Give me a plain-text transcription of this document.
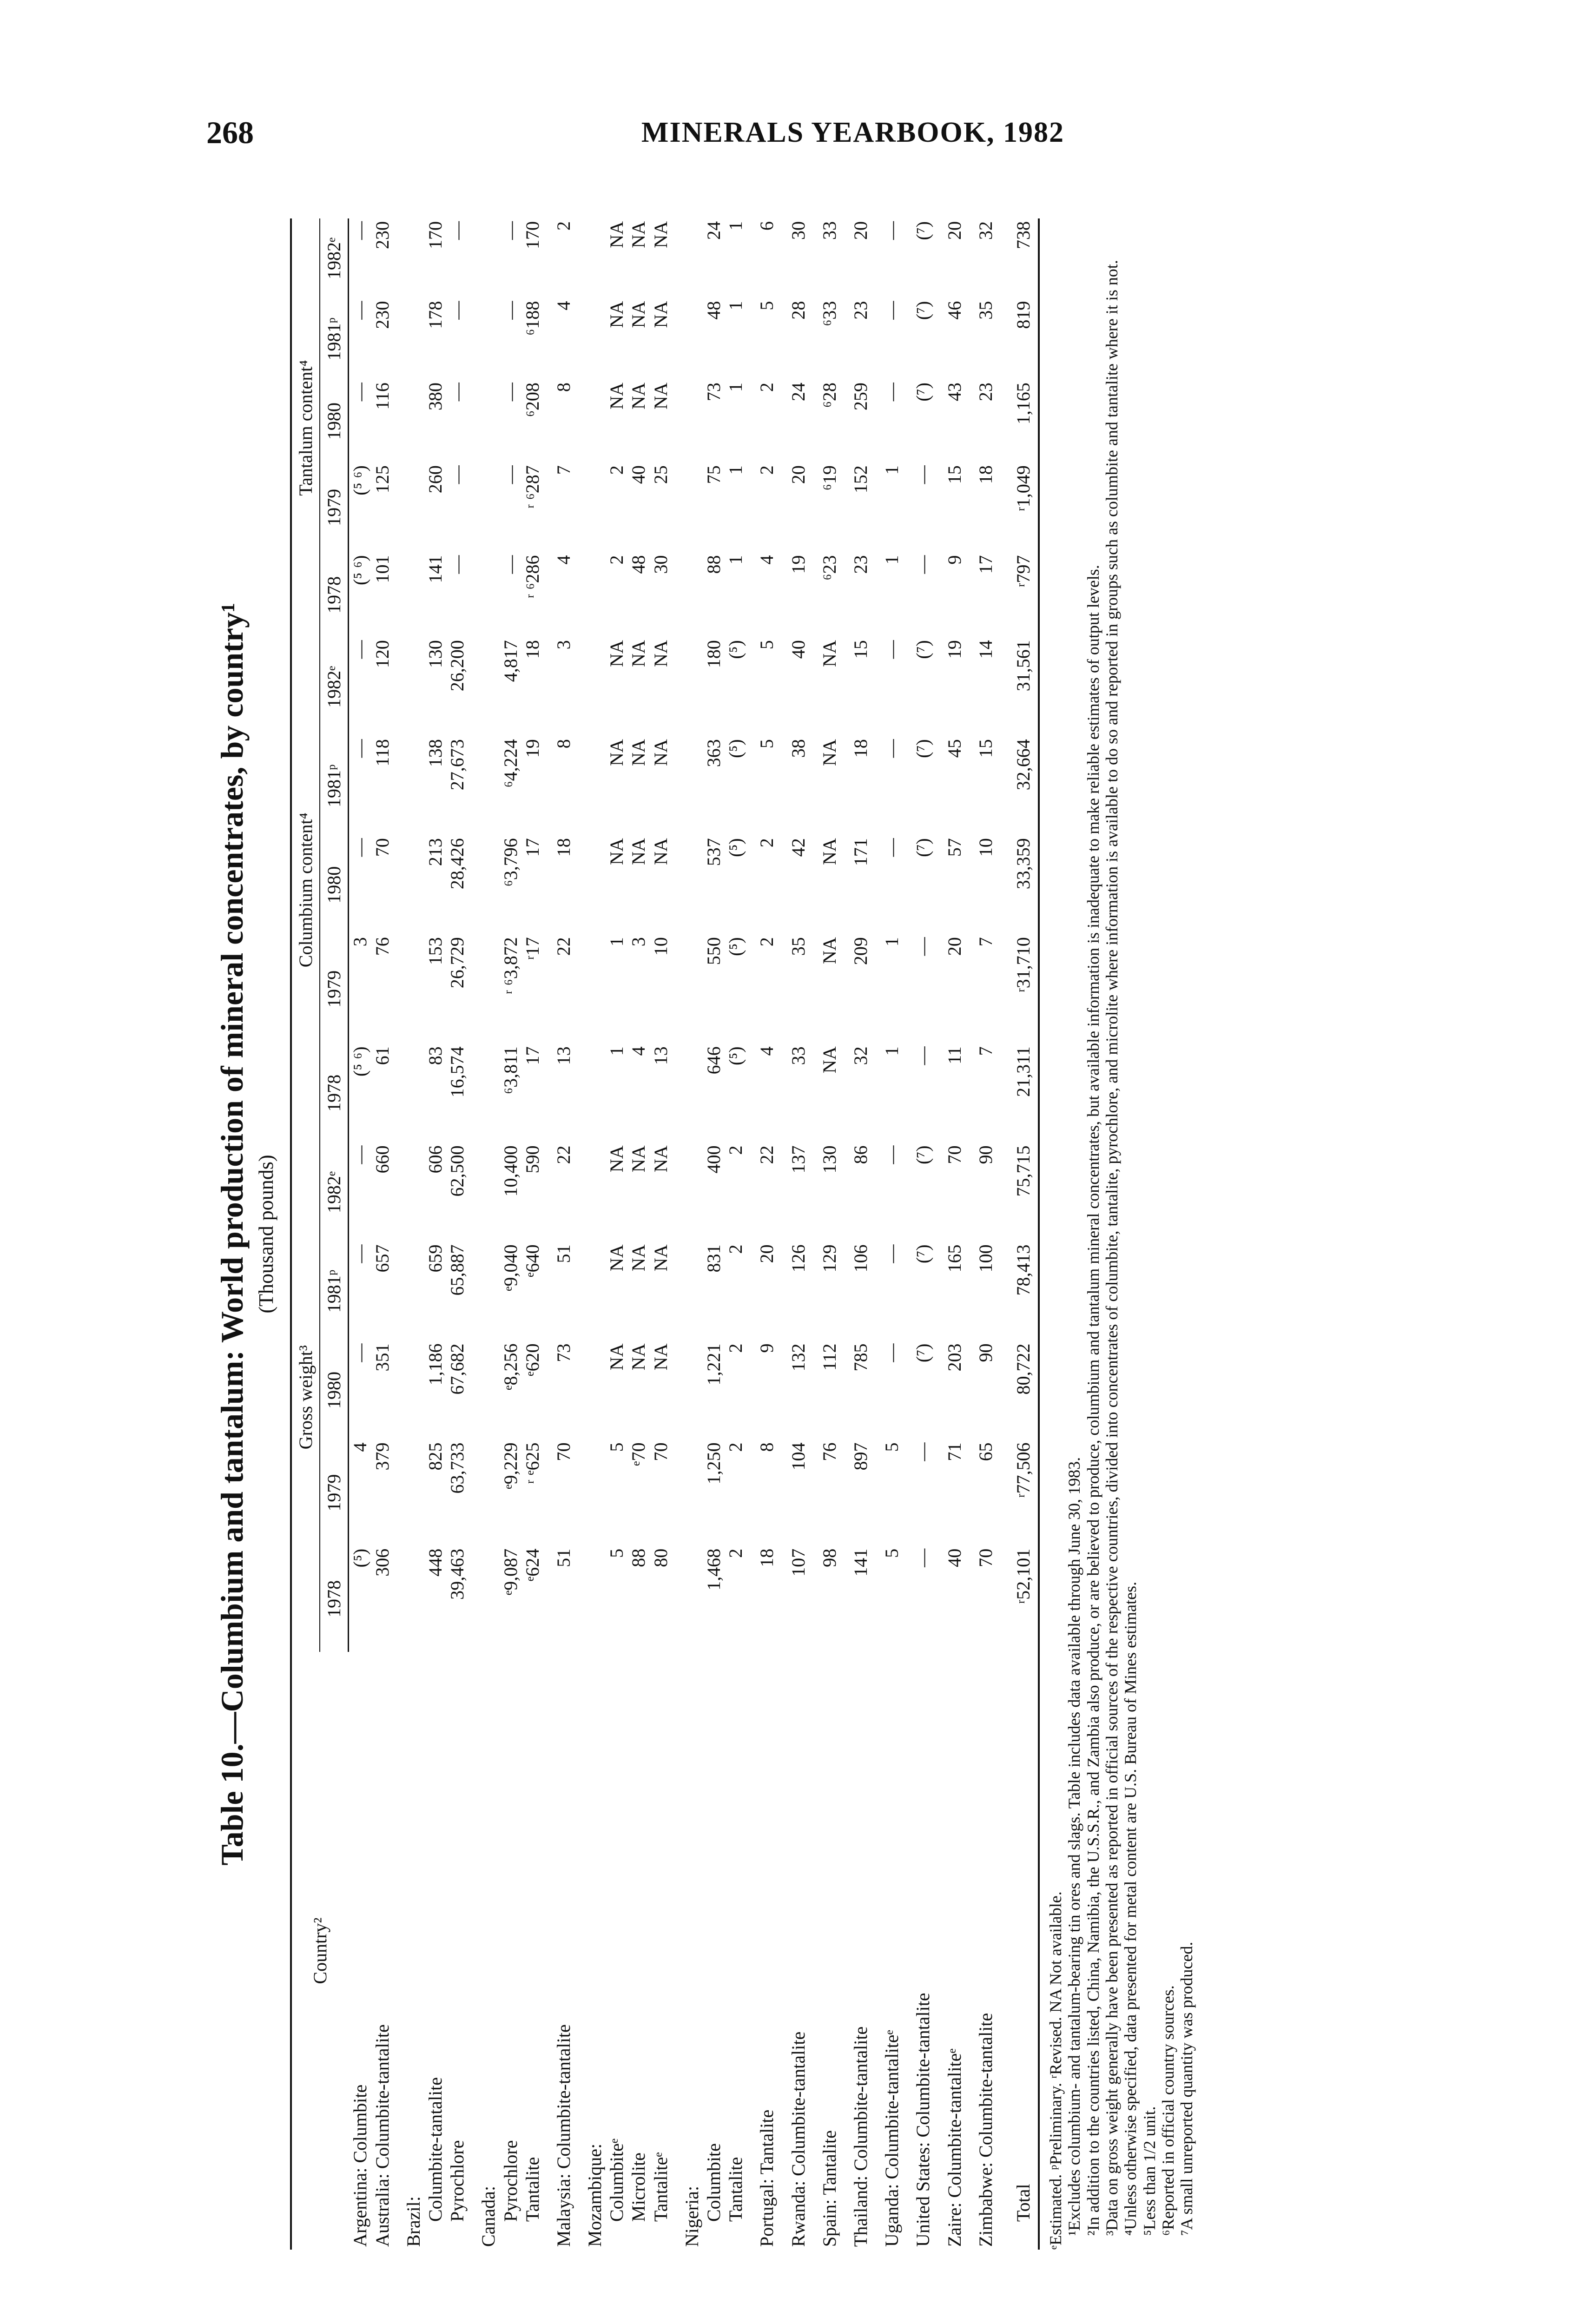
268	MINERALS YEARBOOK, 1982
Table 10.—Columbium and tantalum: World production of mineral concentrates, by country¹ (Thousand pounds)
Country²	Gross weight³					Columbium content⁴					Tantalum content⁴				
	1978	1979	1980	1981ᵖ	1982ᵉ	1978	1979	1980	1981ᵖ	1982ᵉ	1978	1979	1980	1981ᵖ	1982ᵉ
Argentina: Columbite	(⁵)	4	—	—	—	(⁵ ⁶)	3	—	—	—	(⁵ ⁶)	(⁵ ⁶)	—	—	—
Australia: Columbite-tantalite	306	379	351	657	660	61	76	70	118	120	101	125	116	230	230
Brazil:															
Columbite-tantalite	448	825	1,186	659	606	83	153	213	138	130	141	260	380	178	170
Pyrochlore	39,463	63,733	67,682	65,887	62,500	16,574	26,729	28,426	27,673	26,200	—	—	—	—	—
Canada:															
Pyrochlore	ᵉ9,087	ᵉ9,229	ᵉ8,256	ᵉ9,040	10,400	⁶3,811	ʳ ⁶3,872	⁶3,796	⁶4,224	4,817	—	—	—	—	—
Tantalite	ᵉ624	ʳ ᵉ625	ᵉ620	ᵉ640	590	17	ʳ17	17	19	18	ʳ ⁶286	ʳ ⁶287	⁶208	⁶188	170
Malaysia: Columbite-tantalite	51	70	73	51	22	13	22	18	8	3	4	7	8	4	2
Mozambique:															
Columbiteᵉ	5	5	NA	NA	NA	1	1	NA	NA	NA	2	2	NA	NA	NA
Microlite	88	ᵉ70	NA	NA	NA	4	3	NA	NA	NA	48	40	NA	NA	NA
Tantaliteᵉ	80	70	NA	NA	NA	13	10	NA	NA	NA	30	25	NA	NA	NA
Nigeria:															
Columbite	1,468	1,250	1,221	831	400	646	550	537	363	180	88	75	73	48	24
Tantalite	2	2	2	2	2	(⁵)	(⁵)	(⁵)	(⁵)	(⁵)	1	1	1	1	1
Portugal: Tantalite	18	8	9	20	22	4	2	2	5	5	4	2	2	5	6
Rwanda: Columbite-tantalite	107	104	132	126	137	33	35	42	38	40	19	20	24	28	30
Spain: Tantalite	98	76	112	129	130	NA	NA	NA	NA	NA	⁶23	⁶19	⁶28	⁶33	33
Thailand: Columbite-tantalite	141	897	785	106	86	32	209	171	18	15	23	152	259	23	20
Uganda: Columbite-tantaliteᵉ	5	5	—	—	—	1	1	—	—	—	1	1	—	—	—
United States: Columbite-tantalite	—	—	(⁷)	(⁷)	(⁷)	—	—	(⁷)	(⁷)	(⁷)	—	—	(⁷)	(⁷)	(⁷)
Zaire: Columbite-tantaliteᵉ	40	71	203	165	70	11	20	57	45	19	9	15	43	46	20
Zimbabwe: Columbite-tantalite	70	65	90	100	90	7	7	10	15	14	17	18	23	35	32
Total	ʳ52,101	ʳ77,506	80,722	78,413	75,715	21,311	ʳ31,710	33,359	32,664	31,561	ʳ797	ʳ1,049	1,165	819	738

ᵉEstimated. ᵖPreliminary. ʳRevised. NA Not available. ¹Excludes columbium- and tantalum-bearing tin ores and slags. Table includes data available through June 30, 1983. ²In addition to the countries listed, China, Namibia, the U.S.S.R., and Zambia also produce, or are believed to produce, columbium and tantalum mineral concentrates, but available information is inadequate to make reliable estimates of output levels. ³Data on gross weight generally have been presented as reported in official sources of the respective countries, divided into concentrates of columbite, tantalite, pyrochlore, and microlite where information is available to do so and reported in groups such as columbite and tantalite where it is not. ⁴Unless otherwise specified, data presented for metal content are U.S. Bureau of Mines estimates. ⁵Less than 1/2 unit. ⁶Reported in official country sources. ⁷A small unreported quantity was produced.
